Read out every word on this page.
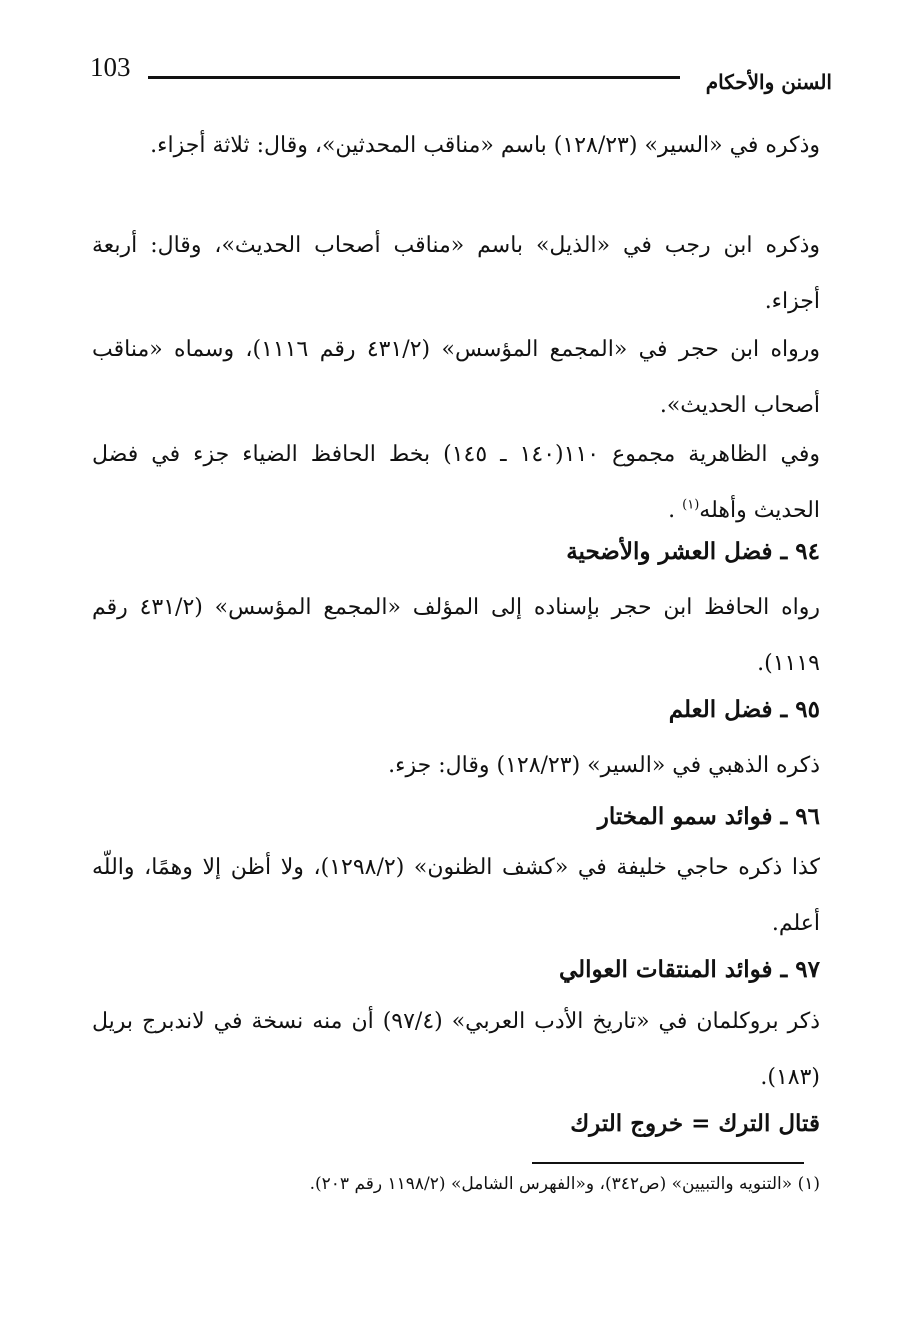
103	السنن والأحكام
وذكره في «السير» (١٢٨/٢٣) باسم «مناقب المحدثين»، وقال: ثلاثة أجزاء.
وذكره ابن رجب في «الذيل» باسم «مناقب أصحاب الحديث»، وقال: أربعة أجزاء.
ورواه ابن حجر في «المجمع المؤسس» (٤٣١/٢ رقم ١١١٦)، وسماه «مناقب أصحاب الحديث».
وفي الظاهرية مجموع ١١٠(١٤٠ ـ ١٤٥) بخط الحافظ الضياء جزء في فضل الحديث وأهله$^{(١)}$ .
٩٤ ـ فضل العشر والأضحية
رواه الحافظ ابن حجر بإسناده إلى المؤلف «المجمع المؤسس» (٤٣١/٢ رقم ١١١٩).
٩٥ ـ فضل العلم
ذكره الذهبي في «السير» (١٢٨/٢٣) وقال: جزء.
٩٦ ـ فوائد سمو المختار
كذا ذكره حاجي خليفة في «كشف الظنون» (١٢٩٨/٢)، ولا أظن إلا وهمًا، واللّه أعلم.
٩٧ ـ فوائد المنتقات العوالي
ذكر بروكلمان في «تاريخ الأدب العربي» (٩٧/٤) أن منه نسخة في لاندبرج بريل (١٨٣).
قتال الترك = خروج الترك
(١) «التنويه والتبيين» (ص٣٤٢)، و«الفهرس الشامل» (١١٩٨/٢ رقم ٢٠٣).
